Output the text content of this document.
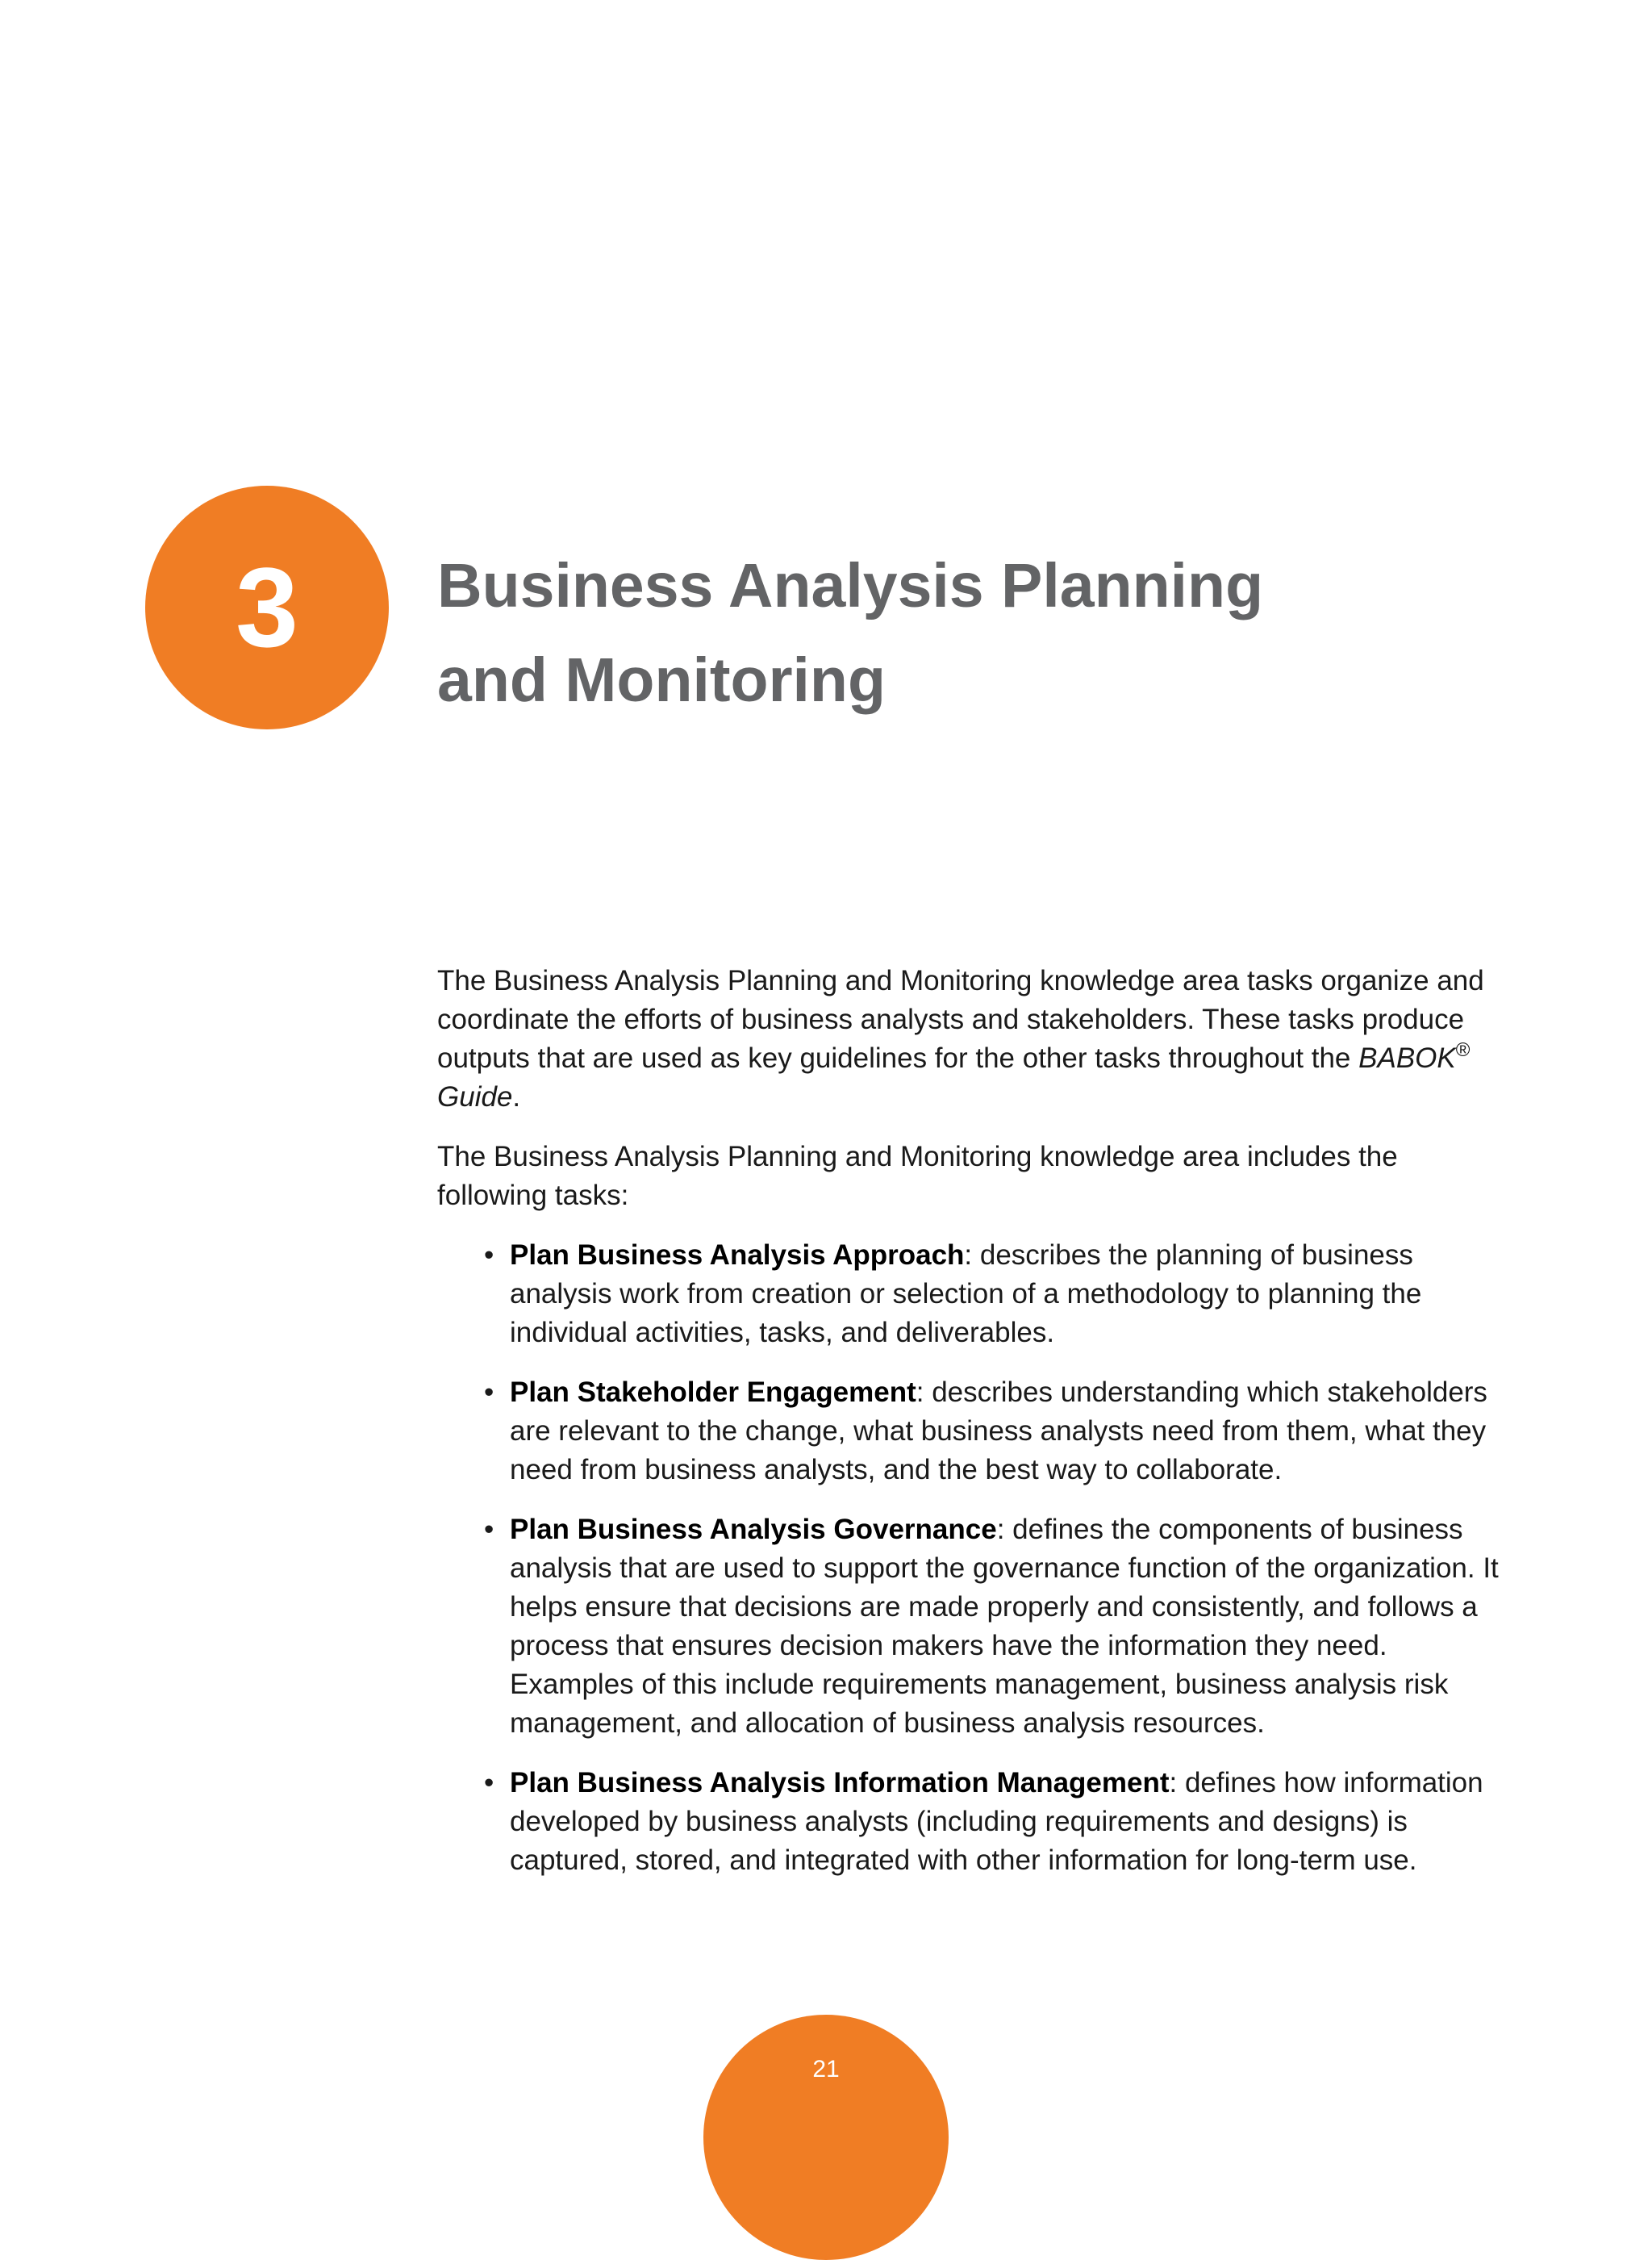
3 Business Analysis Planning
and Monitoring

The Business Analysis Planning and Monitoring knowledge area tasks organize and coordinate the efforts of business analysts and stakeholders. These tasks produce outputs that are used as key guidelines for the other tasks throughout the BABOK® Guide.

The Business Analysis Planning and Monitoring knowledge area includes the following tasks:

• Plan Business Analysis Approach: describes the planning of business analysis work from creation or selection of a methodology to planning the individual activities, tasks, and deliverables.
• Plan Stakeholder Engagement: describes understanding which stakeholders are relevant to the change, what business analysts need from them, what they need from business analysts, and the best way to collaborate.
• Plan Business Analysis Governance: defines the components of business analysis that are used to support the governance function of the organization. It helps ensure that decisions are made properly and consistently, and follows a process that ensures decision makers have the information they need. Examples of this include requirements management, business analysis risk management, and allocation of business analysis resources.
• Plan Business Analysis Information Management: defines how information developed by business analysts (including requirements and designs) is captured, stored, and integrated with other information for long-term use.
21
